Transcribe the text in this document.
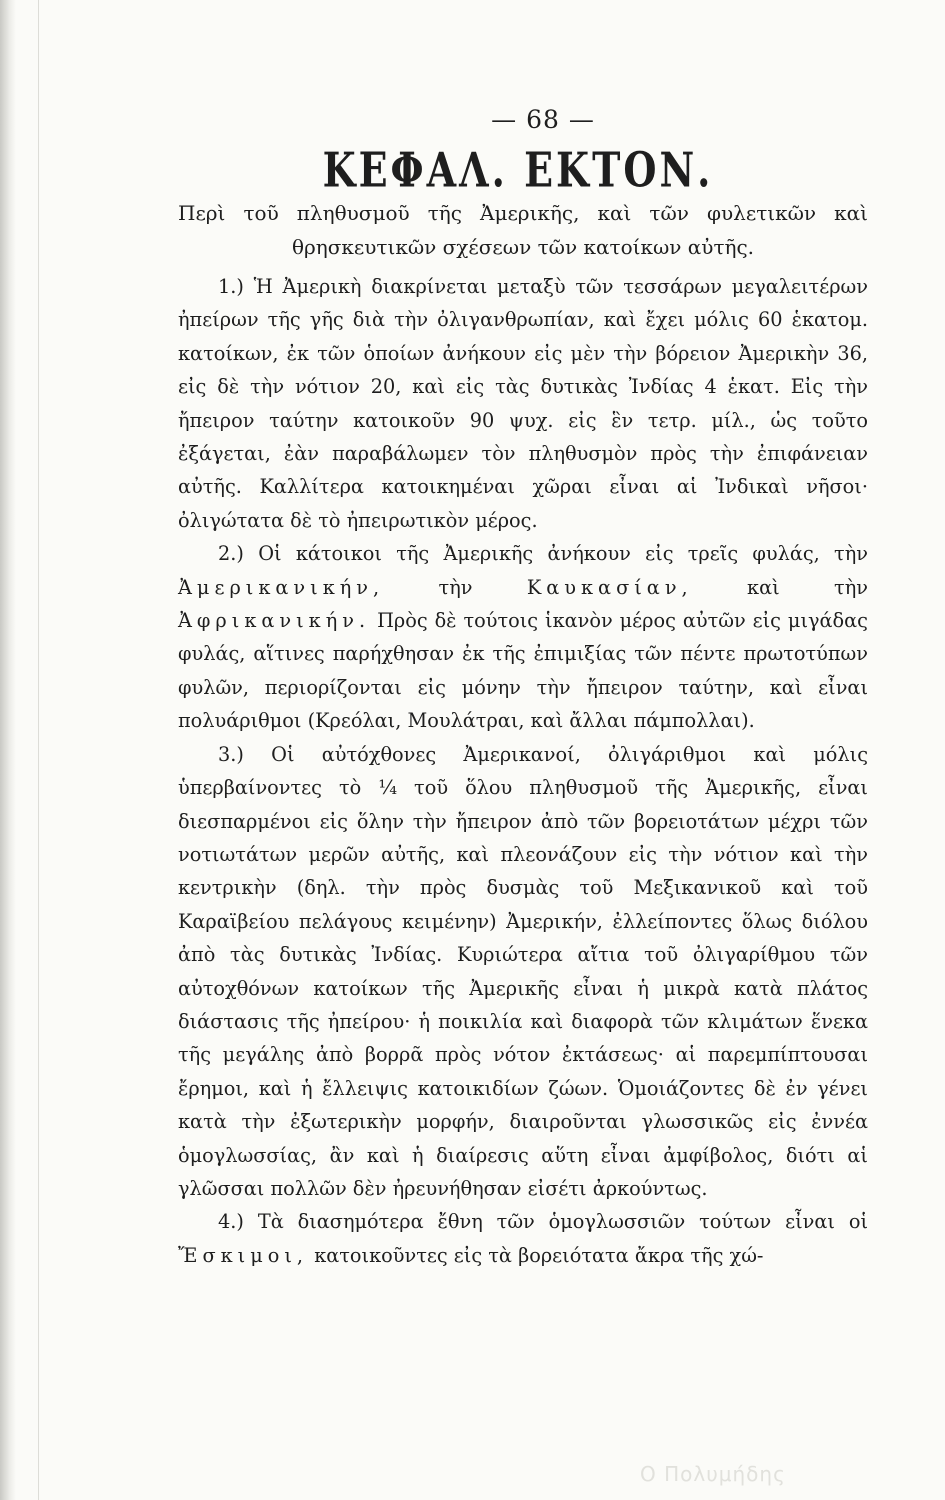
— 68 —
ΚΕΦΑΛ. ΕΚΤΟΝ.
Περὶ τοῦ πληθυσμοῦ τῆς Ἀμερικῆς, καὶ τῶν φυλετικῶν καὶ θρησκευτικῶν σχέσεων τῶν κατοίκων αὐτῆς.

1.) Ἡ Ἀμερικὴ διακρίνεται μεταξὺ τῶν τεσσάρων μεγαλειτέρων ἠπείρων τῆς γῆς διὰ τὴν ὀλιγανθρωπίαν, καὶ ἔχει μόλις 60 ἑκατομ. κατοίκων, ἐκ τῶν ὁποίων ἀνήκουν εἰς μὲν τὴν βόρειον Ἀμερικὴν 36, εἰς δὲ τὴν νότιον 20, καὶ εἰς τὰς δυτικὰς Ἰνδίας 4 ἑκατ. Εἰς τὴν ἤπειρον ταύτην κατοικοῦν 90 ψυχ. εἰς ἓν τετρ. μίλ., ὡς τοῦτο ἐξάγεται, ἐὰν παραβάλωμεν τὸν πληθυσμὸν πρὸς τὴν ἐπιφάνειαν αὐτῆς. Καλλίτερα κατοικημέναι χῶραι εἶναι αἱ Ἰνδικαὶ νῆσοι· ὀλιγώτατα δὲ τὸ ἠπειρωτικὸν μέρος.

2.) Οἱ κάτοικοι τῆς Ἀμερικῆς ἀνήκουν εἰς τρεῖς φυλάς, τὴν Ἀμερικανικήν,	τὴν	Καυκασίαν,	καὶ τὴν Ἀφρικανικήν. Πρὸς δὲ τούτοις ἱκανὸν μέρος αὐτῶν εἰς μιγάδας φυλάς, αἵτινες παρήχθησαν ἐκ τῆς ἐπιμιξίας τῶν πέντε πρωτοτύπων φυλῶν, περιορίζονται εἰς μόνην τὴν ἤπειρον ταύτην, καὶ εἶναι πολυάριθμοι (Κρεόλαι, Μουλάτραι, καὶ ἄλλαι πάμπολλαι).

3.) Οἱ αὐτόχθονες Ἀμερικανοί, ὀλιγάριθμοι καὶ μόλις ὑπερβαίνοντες τὸ ¼ τοῦ ὅλου πληθυσμοῦ τῆς Ἀμερικῆς, εἶναι διεσπαρμένοι εἰς ὅλην τὴν ἤπειρον ἀπὸ τῶν βορειοτάτων μέχρι τῶν νοτιωτάτων μερῶν αὐτῆς, καὶ πλεονάζουν εἰς τὴν νότιον καὶ τὴν κεντρικὴν (δηλ. τὴν πρὸς δυσμὰς τοῦ Μεξικανικοῦ καὶ τοῦ Καραϊβείου πελάγους κειμένην) Ἀμερικήν, ἐλλείποντες ὅλως διόλου ἀπὸ τὰς δυτικὰς Ἰνδίας. Κυριώτερα αἴτια τοῦ ὀλιγαρίθμου τῶν αὐτοχθόνων κατοίκων τῆς Ἀμερικῆς εἶναι ἡ μικρὰ κατὰ πλάτος διάστασις τῆς ἠπείρου· ἡ ποικιλία καὶ διαφορὰ τῶν κλιμάτων ἕνεκα τῆς μεγάλης ἀπὸ βορρᾶ πρὸς νότον ἐκτάσεως· αἱ παρεμπίπτουσαι ἔρημοι, καὶ ἡ ἔλλειψις κατοικιδίων ζώων. Ὁμοιάζοντες δὲ ἐν γένει κατὰ τὴν ἐξωτερικὴν μορφήν, διαιροῦνται γλωσσικῶς εἰς ἐννέα ὁμογλωσσίας, ἂν καὶ ἡ διαίρεσις αὕτη εἶναι ἀμφίβολος, διότι αἱ γλῶσσαι πολλῶν δὲν ἠρευνήθησαν εἰσέτι ἀρκούντως.

4.) Τὰ διασημότερα ἔθνη τῶν ὁμογλωσσιῶν τούτων εἶναι οἱ Ἔσκιμοι, κατοικοῦντες εἰς τὰ βορειότατα ἄκρα τῆς χώ-

Ο Πολυμήδης
